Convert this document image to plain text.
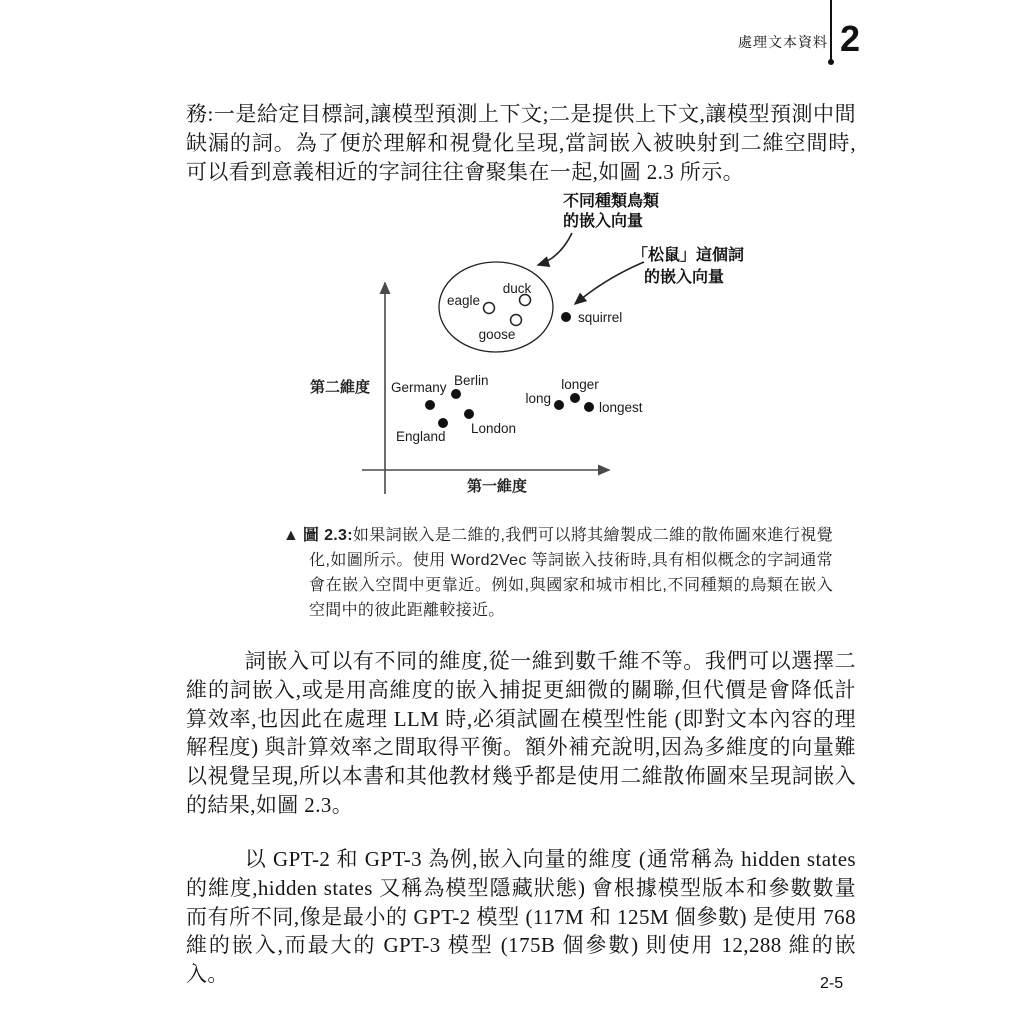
處理文本資料 2

務:一是給定目標詞,讓模型預測上下文;二是提供上下文,讓模型預測中間缺漏的詞。為了便於理解和視覺化呈現,當詞嵌入被映射到二維空間時,可以看到意義相近的字詞往往會聚集在一起,如圖 2.3 所示。

第二維度
第一維度
不同種類鳥類
的嵌入向量
「松鼠」這個詞
的嵌入向量
eagle
duck
goose
squirrel
Germany Berlin
England
London
long
longer
longest

▲  圖 2.3:如果詞嵌入是二維的,我們可以將其繪製成二維的散佈圖來進行視覺化,如圖所示。使用 Word2Vec 等詞嵌入技術時,具有相似概念的字詞通常會在嵌入空間中更靠近。例如,與國家和城市相比,不同種類的鳥類在嵌入空間中的彼此距離較接近。

詞嵌入可以有不同的維度,從一維到數千維不等。我們可以選擇二維的詞嵌入,或是用高維度的嵌入捕捉更細微的關聯,但代價是會降低計算效率,也因此在處理 LLM 時,必須試圖在模型性能 (即對文本內容的理解程度) 與計算效率之間取得平衡。額外補充說明,因為多維度的向量難以視覺呈現,所以本書和其他教材幾乎都是使用二維散佈圖來呈現詞嵌入的結果,如圖 2.3。

以 GPT-2 和 GPT-3 為例,嵌入向量的維度 (通常稱為 hidden states 的維度,hidden states 又稱為模型隱藏狀態) 會根據模型版本和參數數量而有所不同,像是最小的 GPT-2 模型 (117M 和 125M 個參數) 是使用 768 維的嵌入,而最大的 GPT-3 模型 (175B 個參數) 則使用 12,288 維的嵌入。	2-5
